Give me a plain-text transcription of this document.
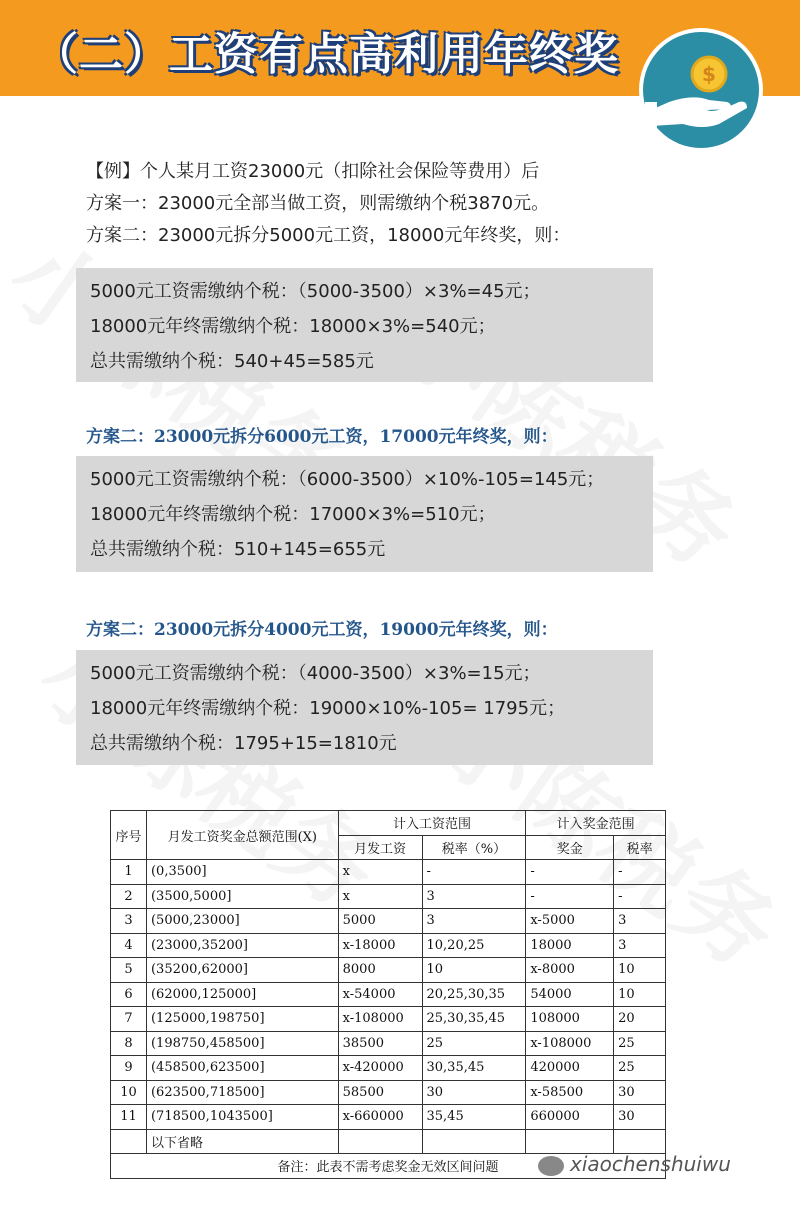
（二）工资有点高利用年终奖	$
【例】个人某月工资23000元（扣除社会保险等费用）后
方案一：23000元全部当做工资，则需缴纳个税3870元。
方案二：23000元拆分5000元工资，18000元年终奖，则：
5000元工资需缴纳个税：（5000-3500）×3%=45元；
18000元年终需缴纳个税：18000×3%=540元；
总共需缴纳个税：540+45=585元
方案二：23000元拆分6000元工资，17000元年终奖，则：
5000元工资需缴纳个税：（6000-3500）×10%-105=145元；
18000元年终需缴纳个税：17000×3%=510元；
总共需缴纳个税：510+145=655元
方案二：23000元拆分4000元工资，19000元年终奖，则：
5000元工资需缴纳个税：（4000-3500）×3%=15元；
18000元年终需缴纳个税：19000×10%-105= 1795元；
总共需缴纳个税：1795+15=1810元
序号	月发工资奖金总额范围(X)	计入工资范围		计入奖金范围	
		月发工资	税率（%）	奖金	税率
1	(0,3500]	x	-	-	-
2	(3500,5000]	x	3	-	-
3	(5000,23000]	5000	3	x-5000	3
4	(23000,35200]	x-18000	10,20,25	18000	3
5	(35200,62000]	8000	10	x-8000	10
6	(62000,125000]	x-54000	20,25,30,35	54000	10
7	(125000,198750]	x-108000	25,30,35,45	108000	20
8	(198750,458500]	38500	25	x-108000	25
9	(458500,623500]	x-420000	30,35,45	420000	25
10	(623500,718500]	58500	30	x-58500	30
11	(718500,1043500]	x-660000	35,45	660000	30
	以下省略				
备注：此表不需考虑奖金无效区间问题						xiaochenshuiwu
